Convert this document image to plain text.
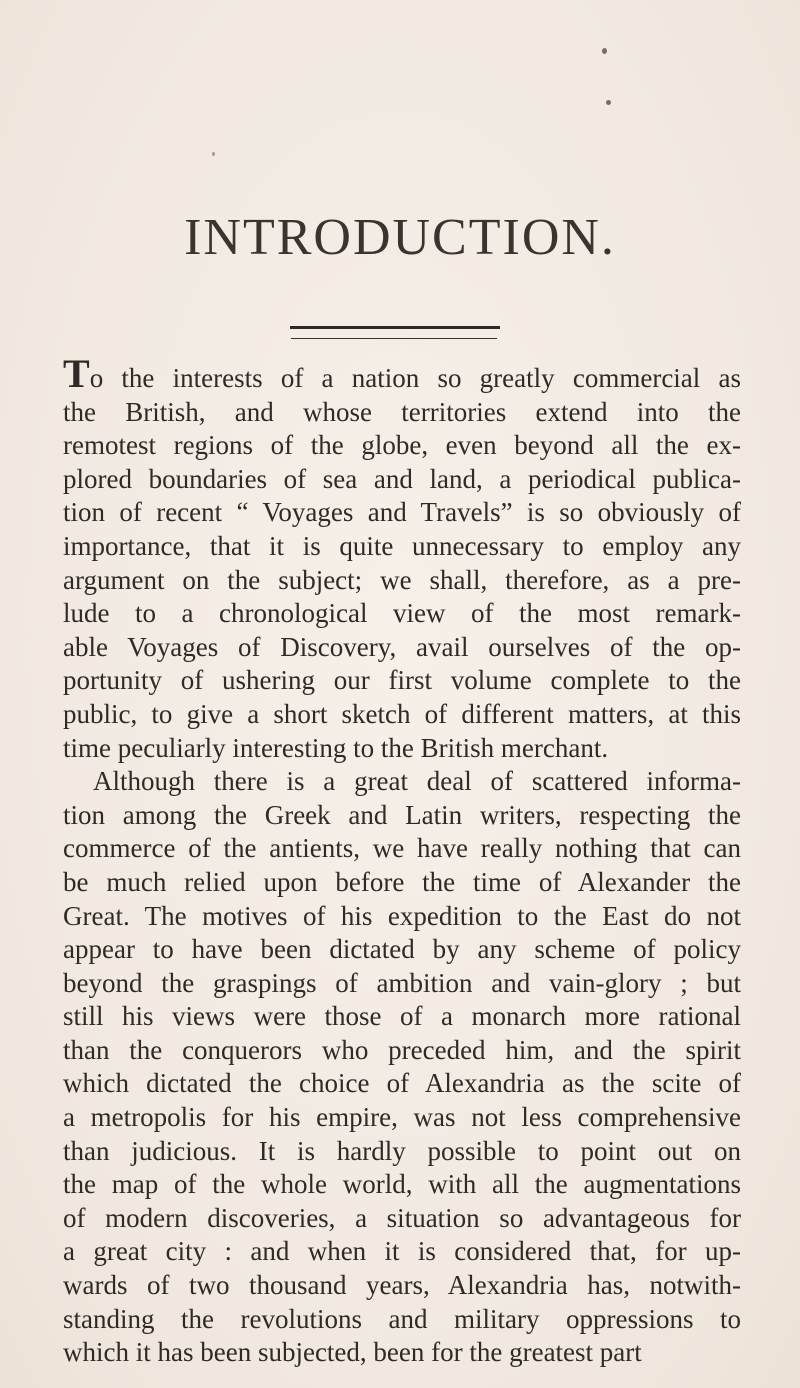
INTRODUCTION.
To the interests of a nation so greatly commercial as
the British, and whose territories extend into the
remotest regions of the globe, even beyond all the ex-
plored boundaries of sea and land, a periodical publica-
tion of recent “ Voyages and Travels” is so obviously of
importance, that it is quite unnecessary to employ any
argument on the subject; we shall, therefore, as a pre-
lude to a chronological view of the most remark-
able Voyages of Discovery, avail ourselves of the op-
portunity of ushering our first volume complete to the
public, to give a short sketch of different matters, at this
time peculiarly interesting to the British merchant.
Although there is a great deal of scattered informa-
tion among the Greek and Latin writers, respecting the
commerce of the antients, we have really nothing that can
be much relied upon before the time of Alexander the
Great. The motives of his expedition to the East do not
appear to have been dictated by any scheme of policy
beyond the graspings of ambition and vain-glory ; but
still his views were those of a monarch more rational
than the conquerors who preceded him, and the spirit
which dictated the choice of Alexandria as the scite of
a metropolis for his empire, was not less comprehensive
than judicious. It is hardly possible to point out on
the map of the whole world, with all the augmentations
of modern discoveries, a situation so advantageous for
a great city : and when it is considered that, for up-
wards of two thousand years, Alexandria has, notwith-
standing the revolutions and military oppressions to
which it has been subjected, been for the greatest part
